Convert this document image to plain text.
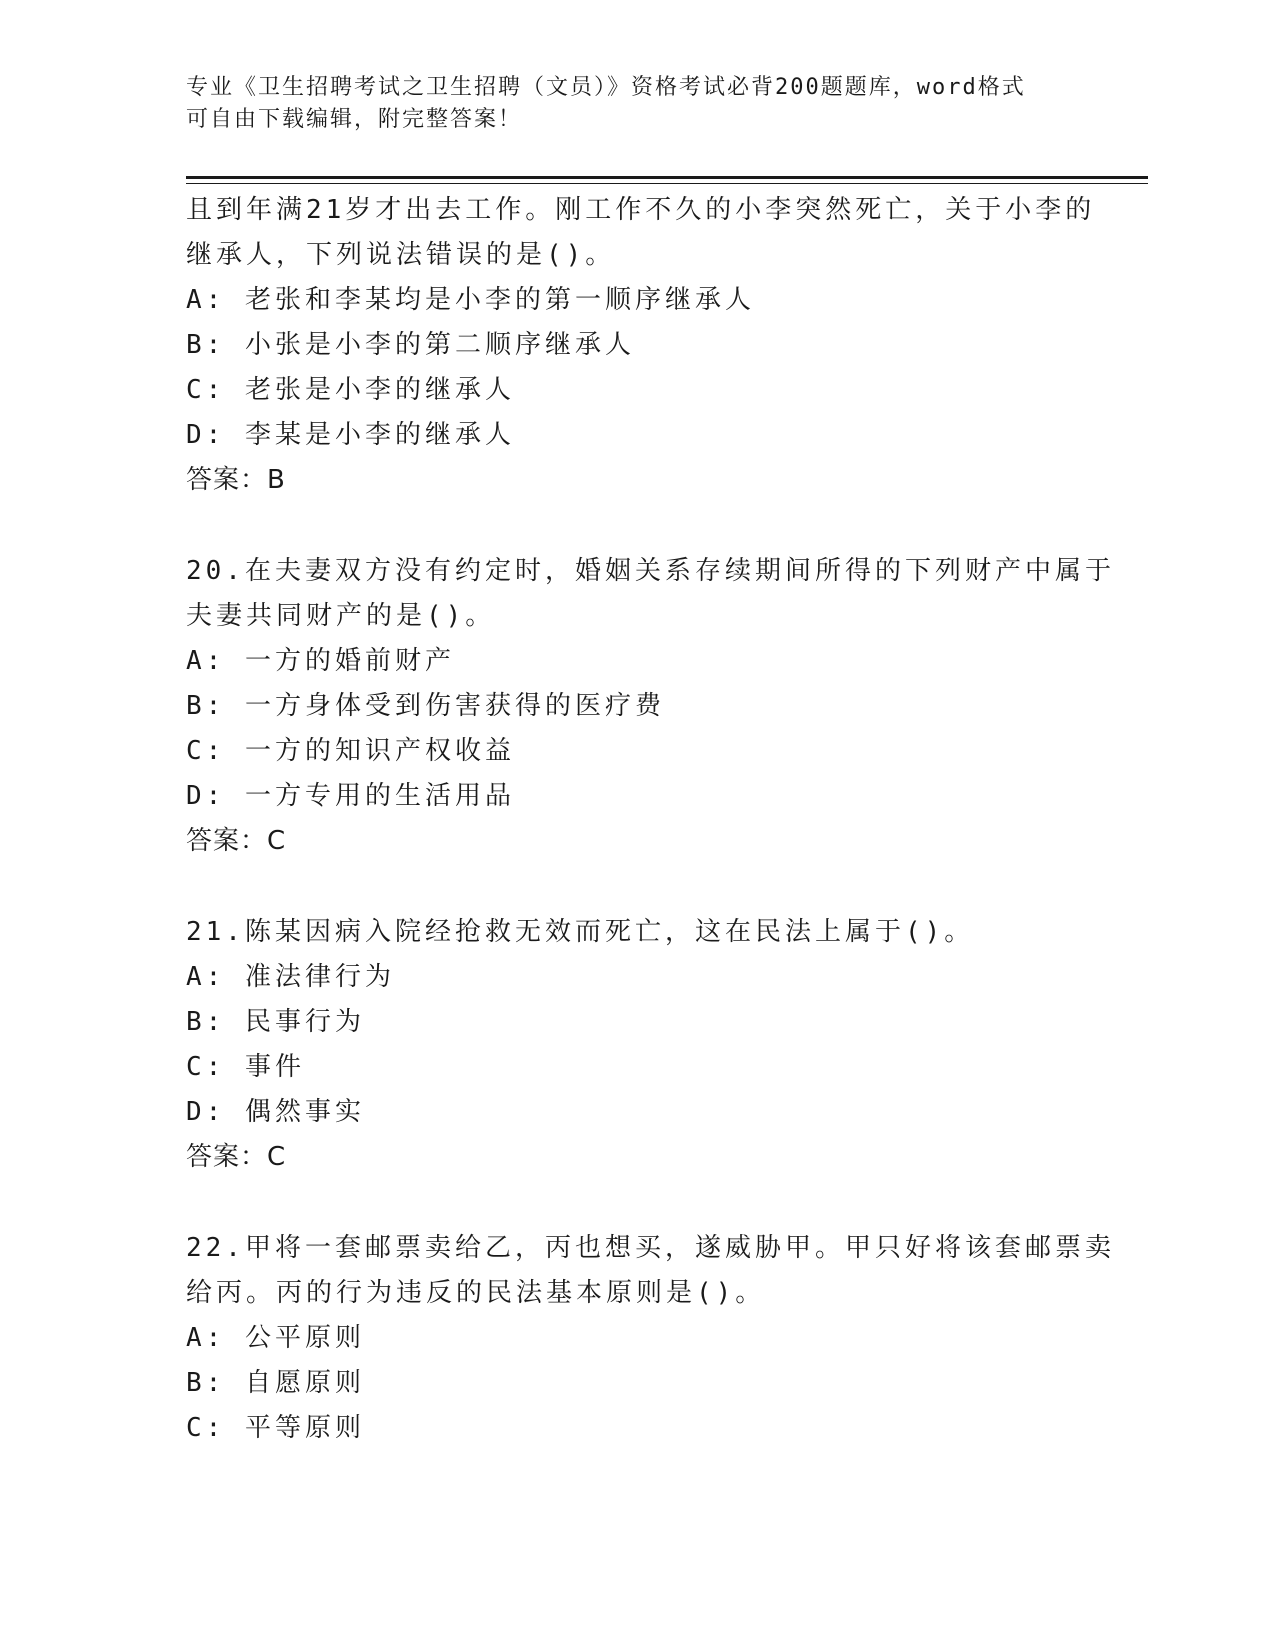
专业《卫生招聘考试之卫生招聘（文员）》资格考试必背200题题库，word格式
可自由下载编辑，附完整答案！
且到年满21岁才出去工作。刚工作不久的小李突然死亡，关于小李的
继承人，下列说法错误的是()。
A: 老张和李某均是小李的第一顺序继承人
B: 小张是小李的第二顺序继承人
C: 老张是小李的继承人
D: 李某是小李的继承人
答案：B
20.在夫妻双方没有约定时，婚姻关系存续期间所得的下列财产中属于
夫妻共同财产的是()。
A: 一方的婚前财产
B: 一方身体受到伤害获得的医疗费
C: 一方的知识产权收益
D: 一方专用的生活用品
答案：C
21.陈某因病入院经抢救无效而死亡，这在民法上属于()。
A: 准法律行为
B: 民事行为
C: 事件
D: 偶然事实
答案：C
22.甲将一套邮票卖给乙，丙也想买，遂威胁甲。甲只好将该套邮票卖
给丙。丙的行为违反的民法基本原则是()。
A: 公平原则
B: 自愿原则
C: 平等原则
